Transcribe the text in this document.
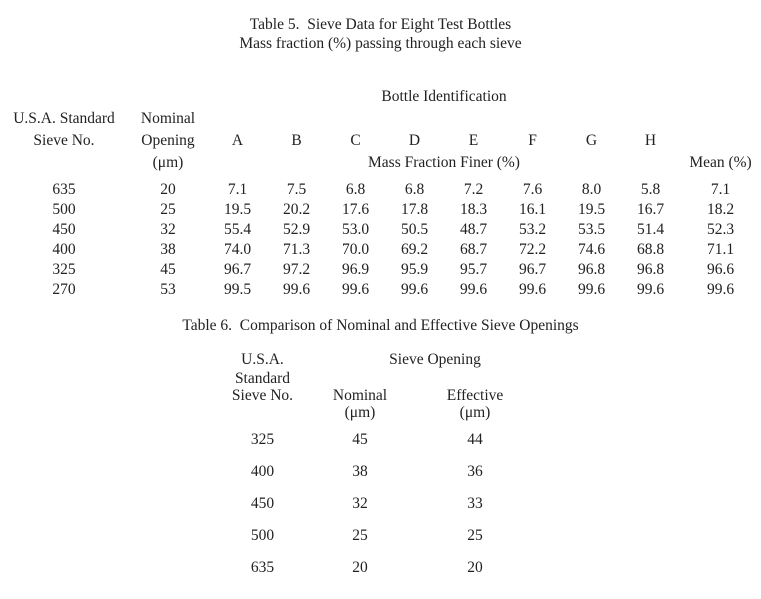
Table 5.  Sieve Data for Eight Test Bottles
Mass fraction (%) passing through each sieve
		Bottle Identification								
U.S.A. Standard	Nominal									
Sieve No.	Opening	A	B	C	D	E	F	G	H	
	(μm)	Mass Fraction Finer (%)								Mean (%)

635	20	7.1	7.5	6.8	6.8	7.2	7.6	8.0	5.8	7.1
500	25	19.5	20.2	17.6	17.8	18.3	16.1	19.5	16.7	18.2
450	32	55.4	52.9	53.0	50.5	48.7	53.2	53.5	51.4	52.3
400	38	74.0	71.3	70.0	69.2	68.7	72.2	74.6	68.8	71.1
325	45	96.7	97.2	96.9	95.9	95.7	96.7	96.8	96.8	96.6
270	53	99.5	99.6	99.6	99.6	99.6	99.6	99.6	99.6	99.6
Table 6.  Comparison of Nominal and Effective Sieve Openings
U.S.A.	Sieve Opening	
Standard		
Sieve No.	Nominal	Effective
	(μm)	(μm)

325	45	44
400	38	36
450	32	33
500	25	25
635	20	20
